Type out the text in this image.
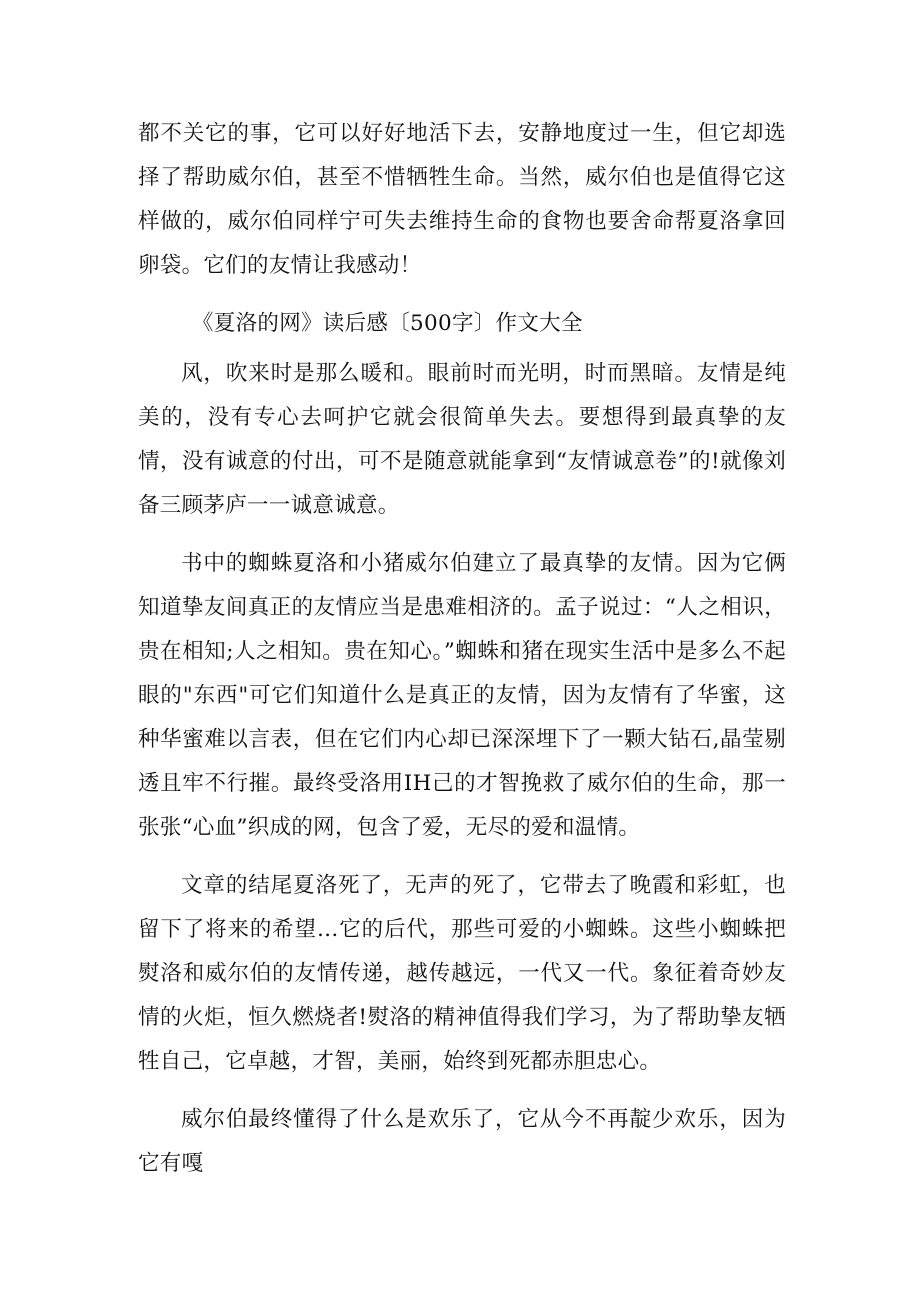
都不关它的事，它可以好好地活下去，安静地度过一生，但它却选择了帮助威尔伯，甚至不惜牺牲生命。当然，威尔伯也是值得它这样做的，威尔伯同样宁可失去维持生命的食物也要舍命帮夏洛拿回卵袋。它们的友情让我感动！

《夏洛的网》读后感〔500字〕作文大全

风，吹来时是那么暖和。眼前时而光明，时而黑暗。友情是纯美的，没有专心去呵护它就会很简单失去。要想得到最真挚的友情，没有诚意的付出，可不是随意就能拿到“友情诚意卷”的!就像刘备三顾茅庐一一诚意诚意。

书中的蜘蛛夏洛和小猪威尔伯建立了最真挚的友情。因为它俩知道挚友间真正的友情应当是患难相济的。孟子说过：“人之相识，贵在相知;人之相知。贵在知心。”蜘蛛和猪在现实生活中是多么不起眼的"东西"可它们知道什么是真正的友情，因为友情有了华蜜，这种华蜜难以言表，但在它们内心却已深深埋下了一颗大钻石,晶莹剔透且牢不行摧。最终受洛用IH己的才智挽救了威尔伯的生命，那一张张“心血”织成的网，包含了爱，无尽的爱和温情。

文章的结尾夏洛死了，无声的死了，它带去了晚霞和彩虹，也留下了将来的希望…它的后代，那些可爱的小蜘蛛。这些小蜘蛛把熨洛和威尔伯的友情传递，越传越远，一代又一代。象征着奇妙友情的火炬，恒久燃烧者!熨洛的精神值得我们学习，为了帮助挚友牺牲自己，它卓越，才智，美丽，始终到死都赤胆忠心。

威尔伯最终懂得了什么是欢乐了，它从今不再靛少欢乐，因为它有嘎
